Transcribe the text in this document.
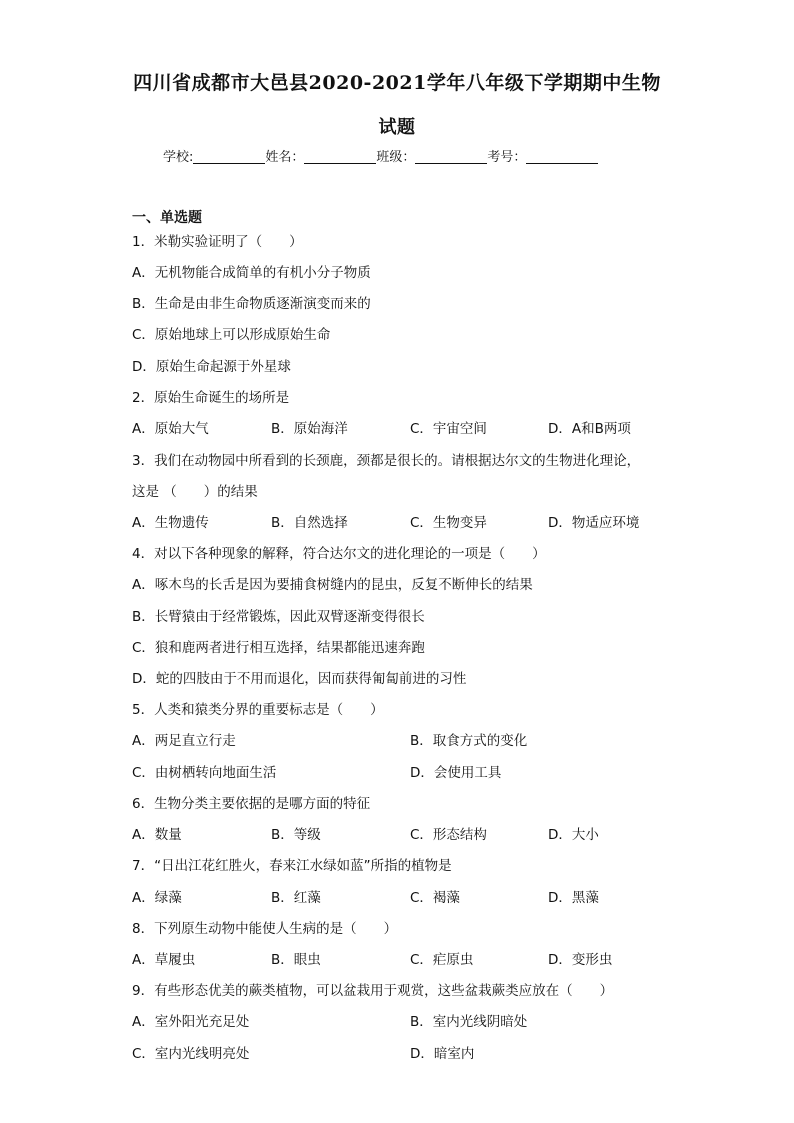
四川省成都市大邑县2020-2021学年八年级下学期期中生物
试题
学校:	姓名：	班级：	考号：
一、单选题
1．米勒实验证明了（　　）
A．无机物能合成简单的有机小分子物质
B．生命是由非生命物质逐渐演变而来的
C．原始地球上可以形成原始生命
D．原始生命起源于外星球
2．原始生命诞生的场所是
A．原始大气	B．原始海洋	C．宇宙空间	D．A和B两项
3．我们在动物园中所看到的长颈鹿，颈都是很长的。请根据达尔文的生物进化理论，
这是 （　　）的结果
A．生物遗传	B．自然选择	C．生物变异	D．物适应环境
4．对以下各种现象的解释，符合达尔文的进化理论的一项是（　　）
A．啄木鸟的长舌是因为要捕食树缝内的昆虫，反复不断伸长的结果
B．长臂猿由于经常锻炼，因此双臂逐渐变得很长
C．狼和鹿两者进行相互选择，结果都能迅速奔跑
D．蛇的四肢由于不用而退化，因而获得匍匐前进的习性
5．人类和猿类分界的重要标志是（　　）
A．两足直立行走	B．取食方式的变化
C．由树栖转向地面生活	D．会使用工具
6．生物分类主要依据的是哪方面的特征
A．数量	B．等级	C．形态结构	D．大小
7．“日出江花红胜火，春来江水绿如蓝”所指的植物是
A．绿藻	B．红藻	C．褐藻	D．黑藻
8．下列原生动物中能使人生病的是（　　）
A．草履虫	B．眼虫	C．疟原虫	D．变形虫
9．有些形态优美的蕨类植物，可以盆栽用于观赏，这些盆栽蕨类应放在（　　）
A．室外阳光充足处	B．室内光线阴暗处
C．室内光线明亮处	D．暗室内
